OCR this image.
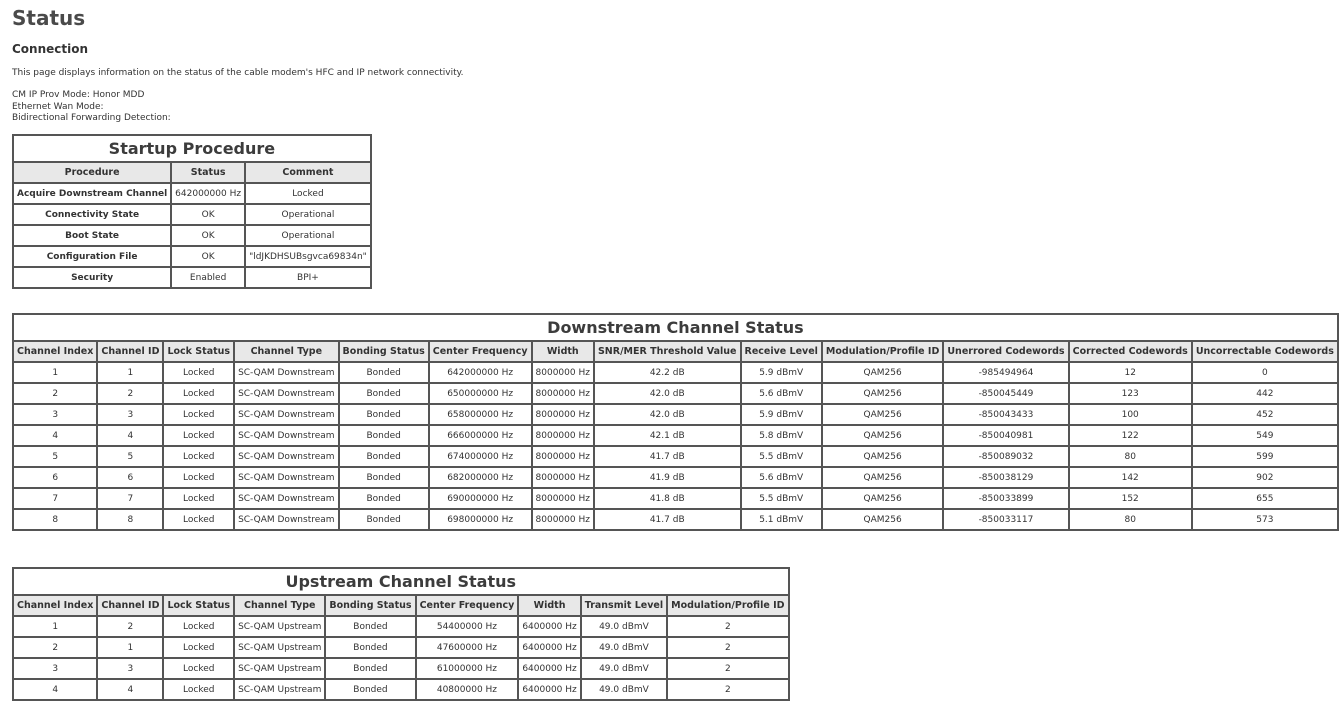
Status
Connection
This page displays information on the status of the cable modem's HFC and IP network connectivity.
CM IP Prov Mode: Honor MDD
Ethernet Wan Mode:
Bidirectional Forwarding Detection:
Startup Procedure		
Procedure	Status	Comment
Acquire Downstream Channel	642000000 Hz	Locked
Connectivity State	OK	Operational
Boot State	OK	Operational
Configuration File	OK	"ldJKDHSUBsgvca69834n"
Security	Enabled	BPI+
Downstream Channel Status												
Channel Index	Channel ID	Lock Status	Channel Type	Bonding Status	Center Frequency	Width	SNR/MER Threshold Value	Receive Level	Modulation/Profile ID	Unerrored Codewords	Corrected Codewords	Uncorrectable Codewords
1	1	Locked	SC-QAM Downstream	Bonded	642000000 Hz	8000000 Hz	42.2 dB	5.9 dBmV	QAM256	-985494964	12	0
2	2	Locked	SC-QAM Downstream	Bonded	650000000 Hz	8000000 Hz	42.0 dB	5.6 dBmV	QAM256	-850045449	123	442
3	3	Locked	SC-QAM Downstream	Bonded	658000000 Hz	8000000 Hz	42.0 dB	5.9 dBmV	QAM256	-850043433	100	452
4	4	Locked	SC-QAM Downstream	Bonded	666000000 Hz	8000000 Hz	42.1 dB	5.8 dBmV	QAM256	-850040981	122	549
5	5	Locked	SC-QAM Downstream	Bonded	674000000 Hz	8000000 Hz	41.7 dB	5.5 dBmV	QAM256	-850089032	80	599
6	6	Locked	SC-QAM Downstream	Bonded	682000000 Hz	8000000 Hz	41.9 dB	5.6 dBmV	QAM256	-850038129	142	902
7	7	Locked	SC-QAM Downstream	Bonded	690000000 Hz	8000000 Hz	41.8 dB	5.5 dBmV	QAM256	-850033899	152	655
8	8	Locked	SC-QAM Downstream	Bonded	698000000 Hz	8000000 Hz	41.7 dB	5.1 dBmV	QAM256	-850033117	80	573
Upstream Channel Status								
Channel Index	Channel ID	Lock Status	Channel Type	Bonding Status	Center Frequency	Width	Transmit Level	Modulation/Profile ID
1	2	Locked	SC-QAM Upstream	Bonded	54400000 Hz	6400000 Hz	49.0 dBmV	2
2	1	Locked	SC-QAM Upstream	Bonded	47600000 Hz	6400000 Hz	49.0 dBmV	2
3	3	Locked	SC-QAM Upstream	Bonded	61000000 Hz	6400000 Hz	49.0 dBmV	2
4	4	Locked	SC-QAM Upstream	Bonded	40800000 Hz	6400000 Hz	49.0 dBmV	2
